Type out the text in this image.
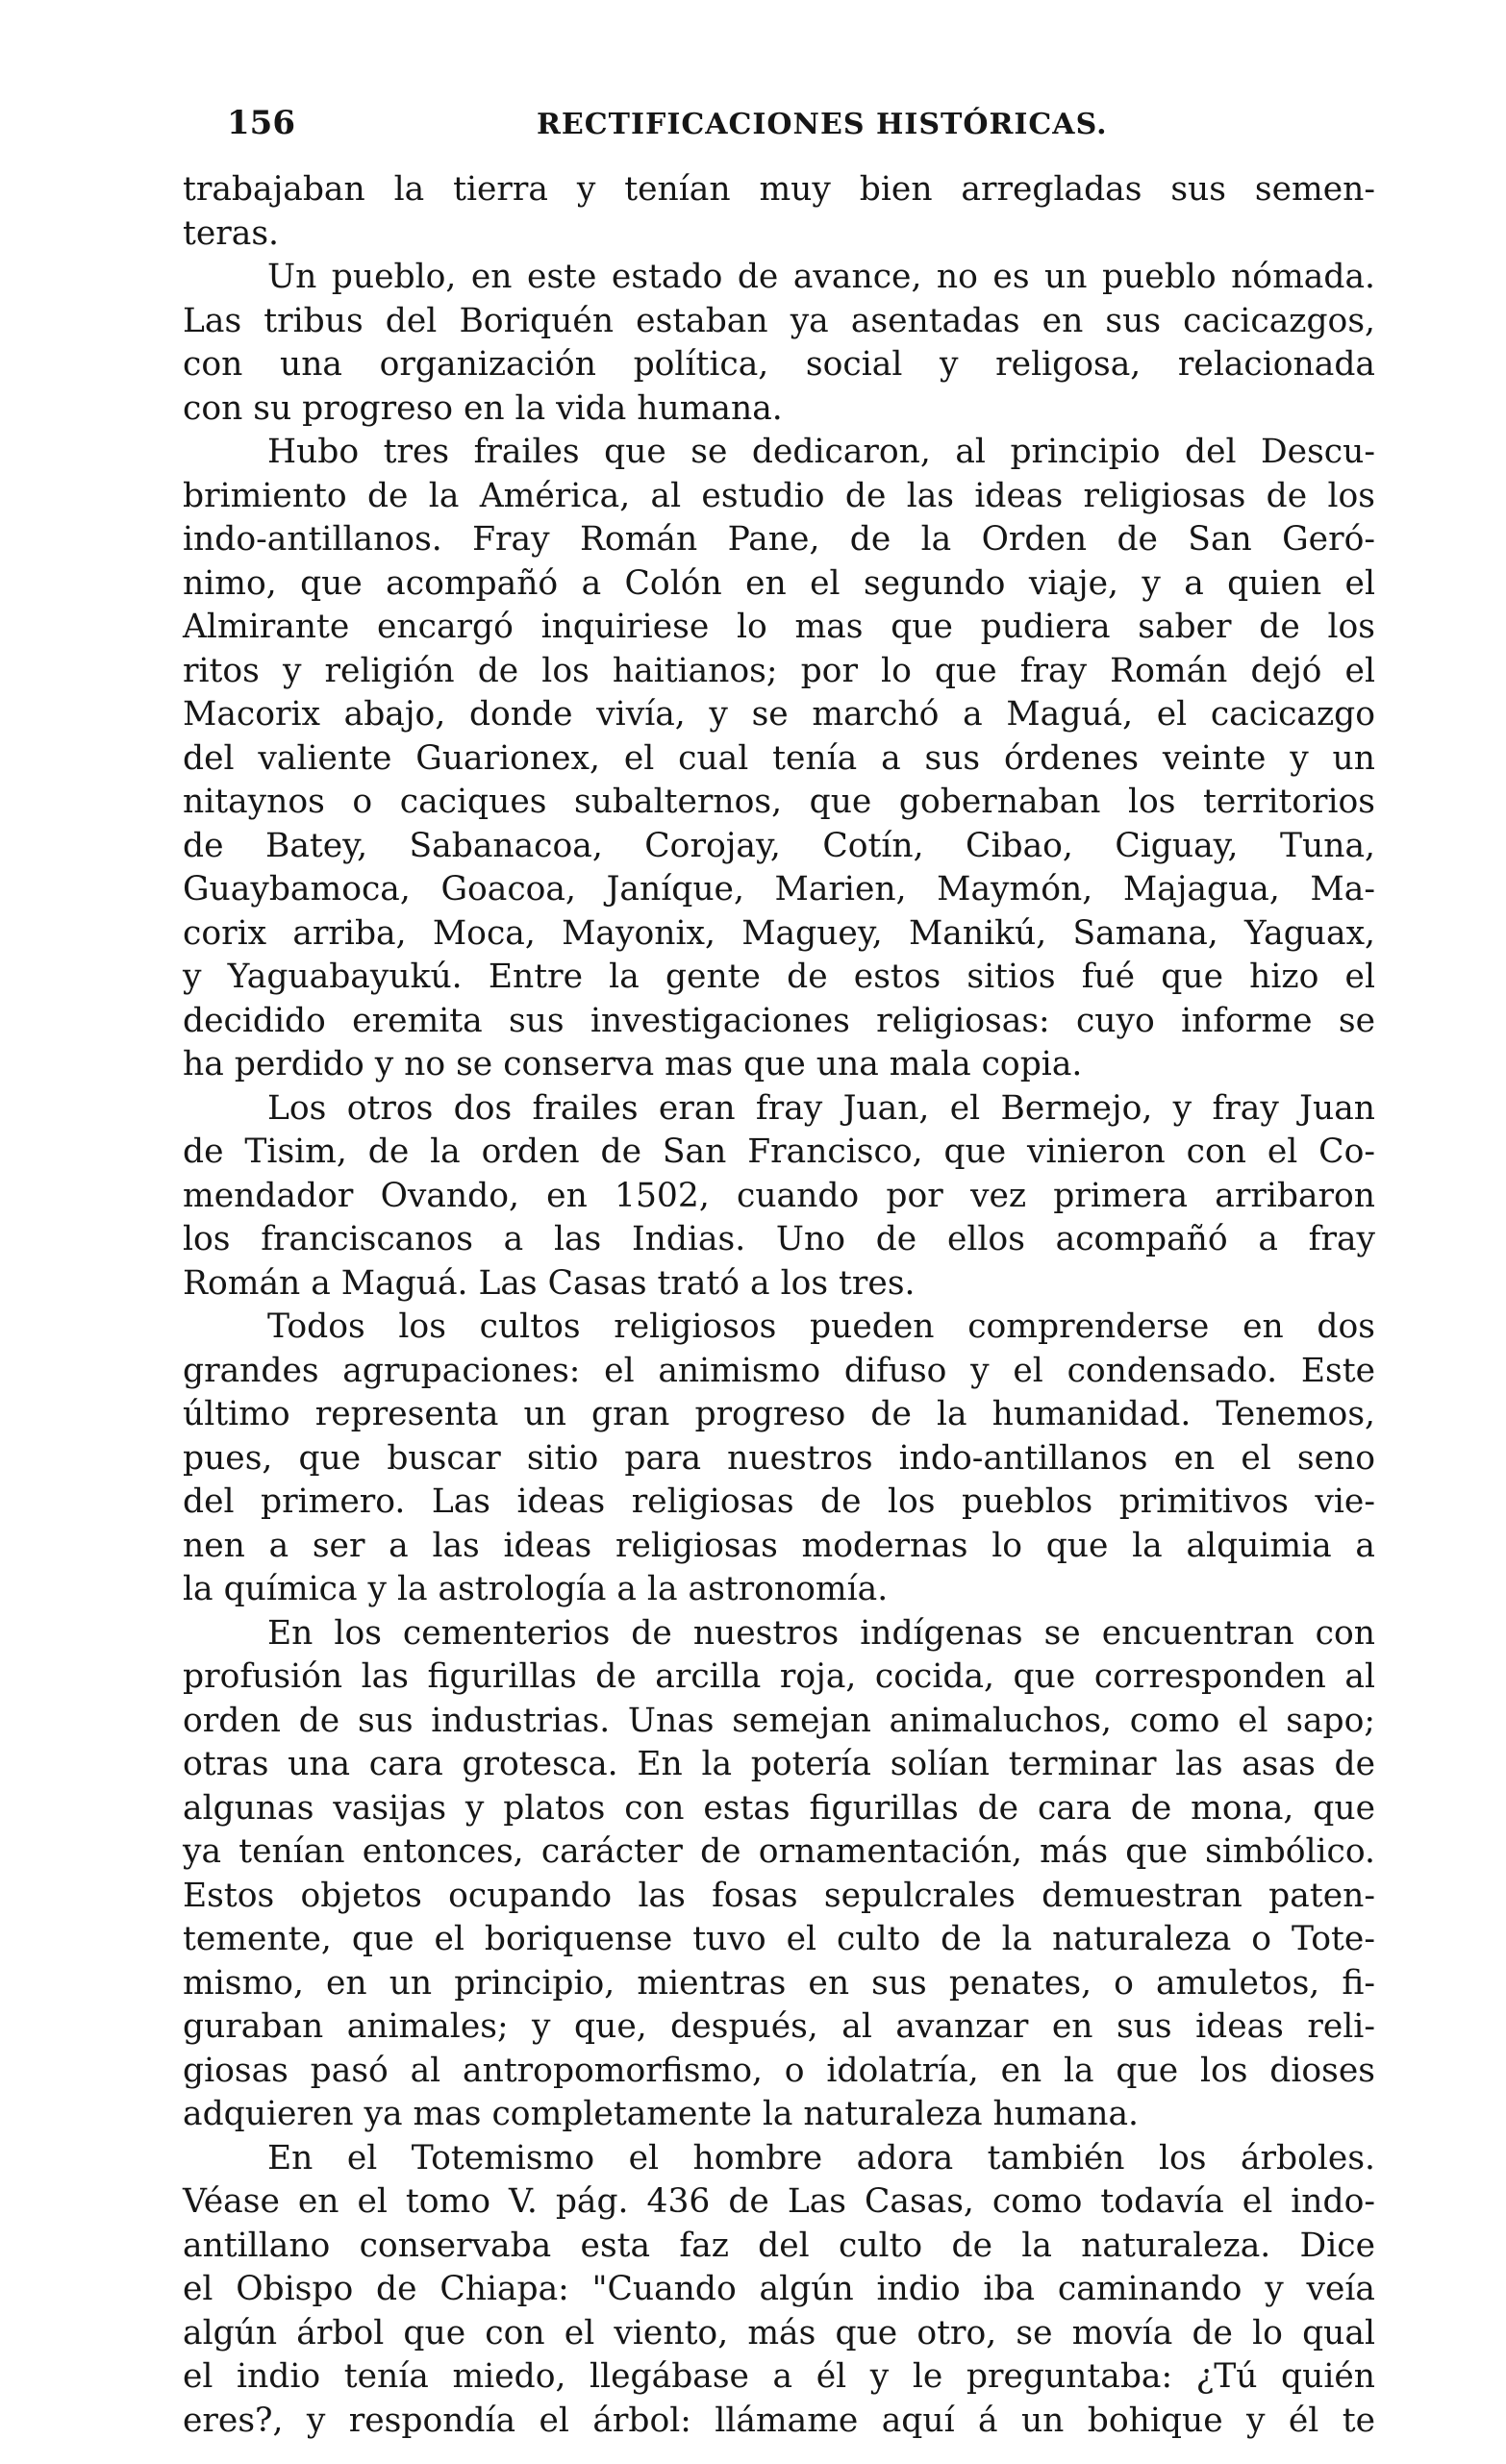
156	RECTIFICACIONES HISTÓRICAS.
trabajaban la tierra y tenían muy bien arregladas sus semen-
teras.
Un pueblo, en este estado de avance, no es un pueblo nómada.
Las tribus del Boriquén estaban ya asentadas en sus cacicazgos,
con una organización política, social y religosa, relacionada
con su progreso en la vida humana.
Hubo tres frailes que se dedicaron, al principio del Descu-
brimiento de la América, al estudio de las ideas religiosas de los
indo-antillanos. Fray Román Pane, de la Orden de San Geró-
nimo, que acompañó a Colón en el segundo viaje, y a quien el
Almirante encargó inquiriese lo mas que pudiera saber de los
ritos y religión de los haitianos; por lo que fray Román dejó el
Macorix abajo, donde vivía, y se marchó a Maguá, el cacicazgo
del valiente Guarionex, el cual tenía a sus órdenes veinte y un
nitaynos o caciques subalternos, que gobernaban los territorios
de Batey, Sabanacoa, Corojay, Cotín, Cibao, Ciguay, Tuna,
Guaybamoca, Goacoa, Janíque, Marien, Maymón, Majagua, Ma-
corix arriba, Moca, Mayonix, Maguey, Manikú, Samana, Yaguax,
y Yaguabayukú. Entre la gente de estos sitios fué que hizo el
decidido eremita sus investigaciones religiosas: cuyo informe se
ha perdido y no se conserva mas que una mala copia.
Los otros dos frailes eran fray Juan, el Bermejo, y fray Juan
de Tisim, de la orden de San Francisco, que vinieron con el Co-
mendador Ovando, en 1502, cuando por vez primera arribaron
los franciscanos a las Indias. Uno de ellos acompañó a fray
Román a Maguá. Las Casas trató a los tres.
Todos los cultos religiosos pueden comprenderse en dos
grandes agrupaciones: el animismo difuso y el condensado. Este
último representa un gran progreso de la humanidad. Tenemos,
pues, que buscar sitio para nuestros indo-antillanos en el seno
del primero. Las ideas religiosas de los pueblos primitivos vie-
nen a ser a las ideas religiosas modernas lo que la alquimia a
la química y la astrología a la astronomía.
En los cementerios de nuestros indígenas se encuentran con
profusión las figurillas de arcilla roja, cocida, que corresponden al
orden de sus industrias. Unas semejan animaluchos, como el sapo;
otras una cara grotesca. En la potería solían terminar las asas de
algunas vasijas y platos con estas figurillas de cara de mona, que
ya tenían entonces, carácter de ornamentación, más que simbólico.
Estos objetos ocupando las fosas sepulcrales demuestran paten-
temente, que el boriquense tuvo el culto de la naturaleza o Tote-
mismo, en un principio, mientras en sus penates, o amuletos, fi-
guraban animales; y que, después, al avanzar en sus ideas reli-
giosas pasó al antropomorfismo, o idolatría, en la que los dioses
adquieren ya mas completamente la naturaleza humana.
En el Totemismo el hombre adora también los árboles.
Véase en el tomo V. pág. 436 de Las Casas, como todavía el indo-
antillano conservaba esta faz del culto de la naturaleza. Dice
el Obispo de Chiapa: "Cuando algún indio iba caminando y veía
algún árbol que con el viento, más que otro, se movía de lo qual
el indio tenía miedo, llegábase a él y le preguntaba: ¿Tú quién
eres?, y respondía el árbol: llámame aquí á un bohique y él te
